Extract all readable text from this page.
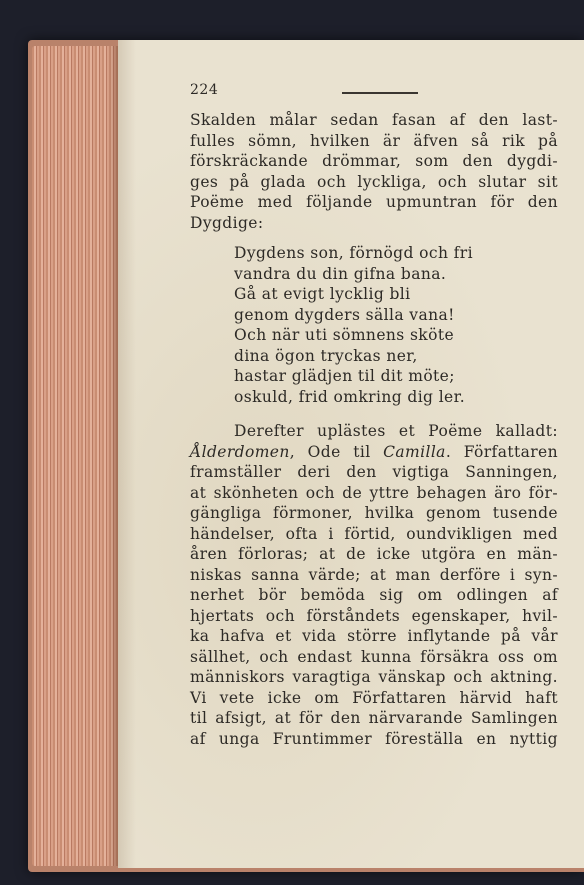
224

Skalden målar sedan fasan af den last-
fulles sömn, hvilken är äfven så rik på
förskräckande drömmar, som den dygdi-
ges på glada och lyckliga, och slutar sit
Poëme med följande upmuntran för den
Dygdige:

Dygdens son, förnögd och fri
vandra du din gifna bana.
Gå at evigt lycklig bli
genom dygders sälla vana!
Och när uti sömnens sköte
dina ögon tryckas ner,
hastar glädjen til dit möte;
oskuld, frid omkring dig ler.

Derefter uplästes et Poëme kalladt:
Ålderdomen, Ode til Camilla. Författaren
framställer deri den vigtiga Sanningen,
at skönheten och de yttre behagen äro för-
gängliga förmoner, hvilka genom tusende
händelser, ofta i förtid, oundvikligen med
åren förloras; at de icke utgöra en män-
niskas sanna värde; at man derföre i syn-
nerhet bör bemöda sig om odlingen af
hjertats och förståndets egenskaper, hvil-
ka hafva et vida större inflytande på vår
sällhet, och endast kunna försäkra oss om
människors varagtiga vänskap och aktning.
Vi vete icke om Författaren härvid haft
til afsigt, at för den närvarande Samlingen
af unga Fruntimmer föreställa en nyttig
